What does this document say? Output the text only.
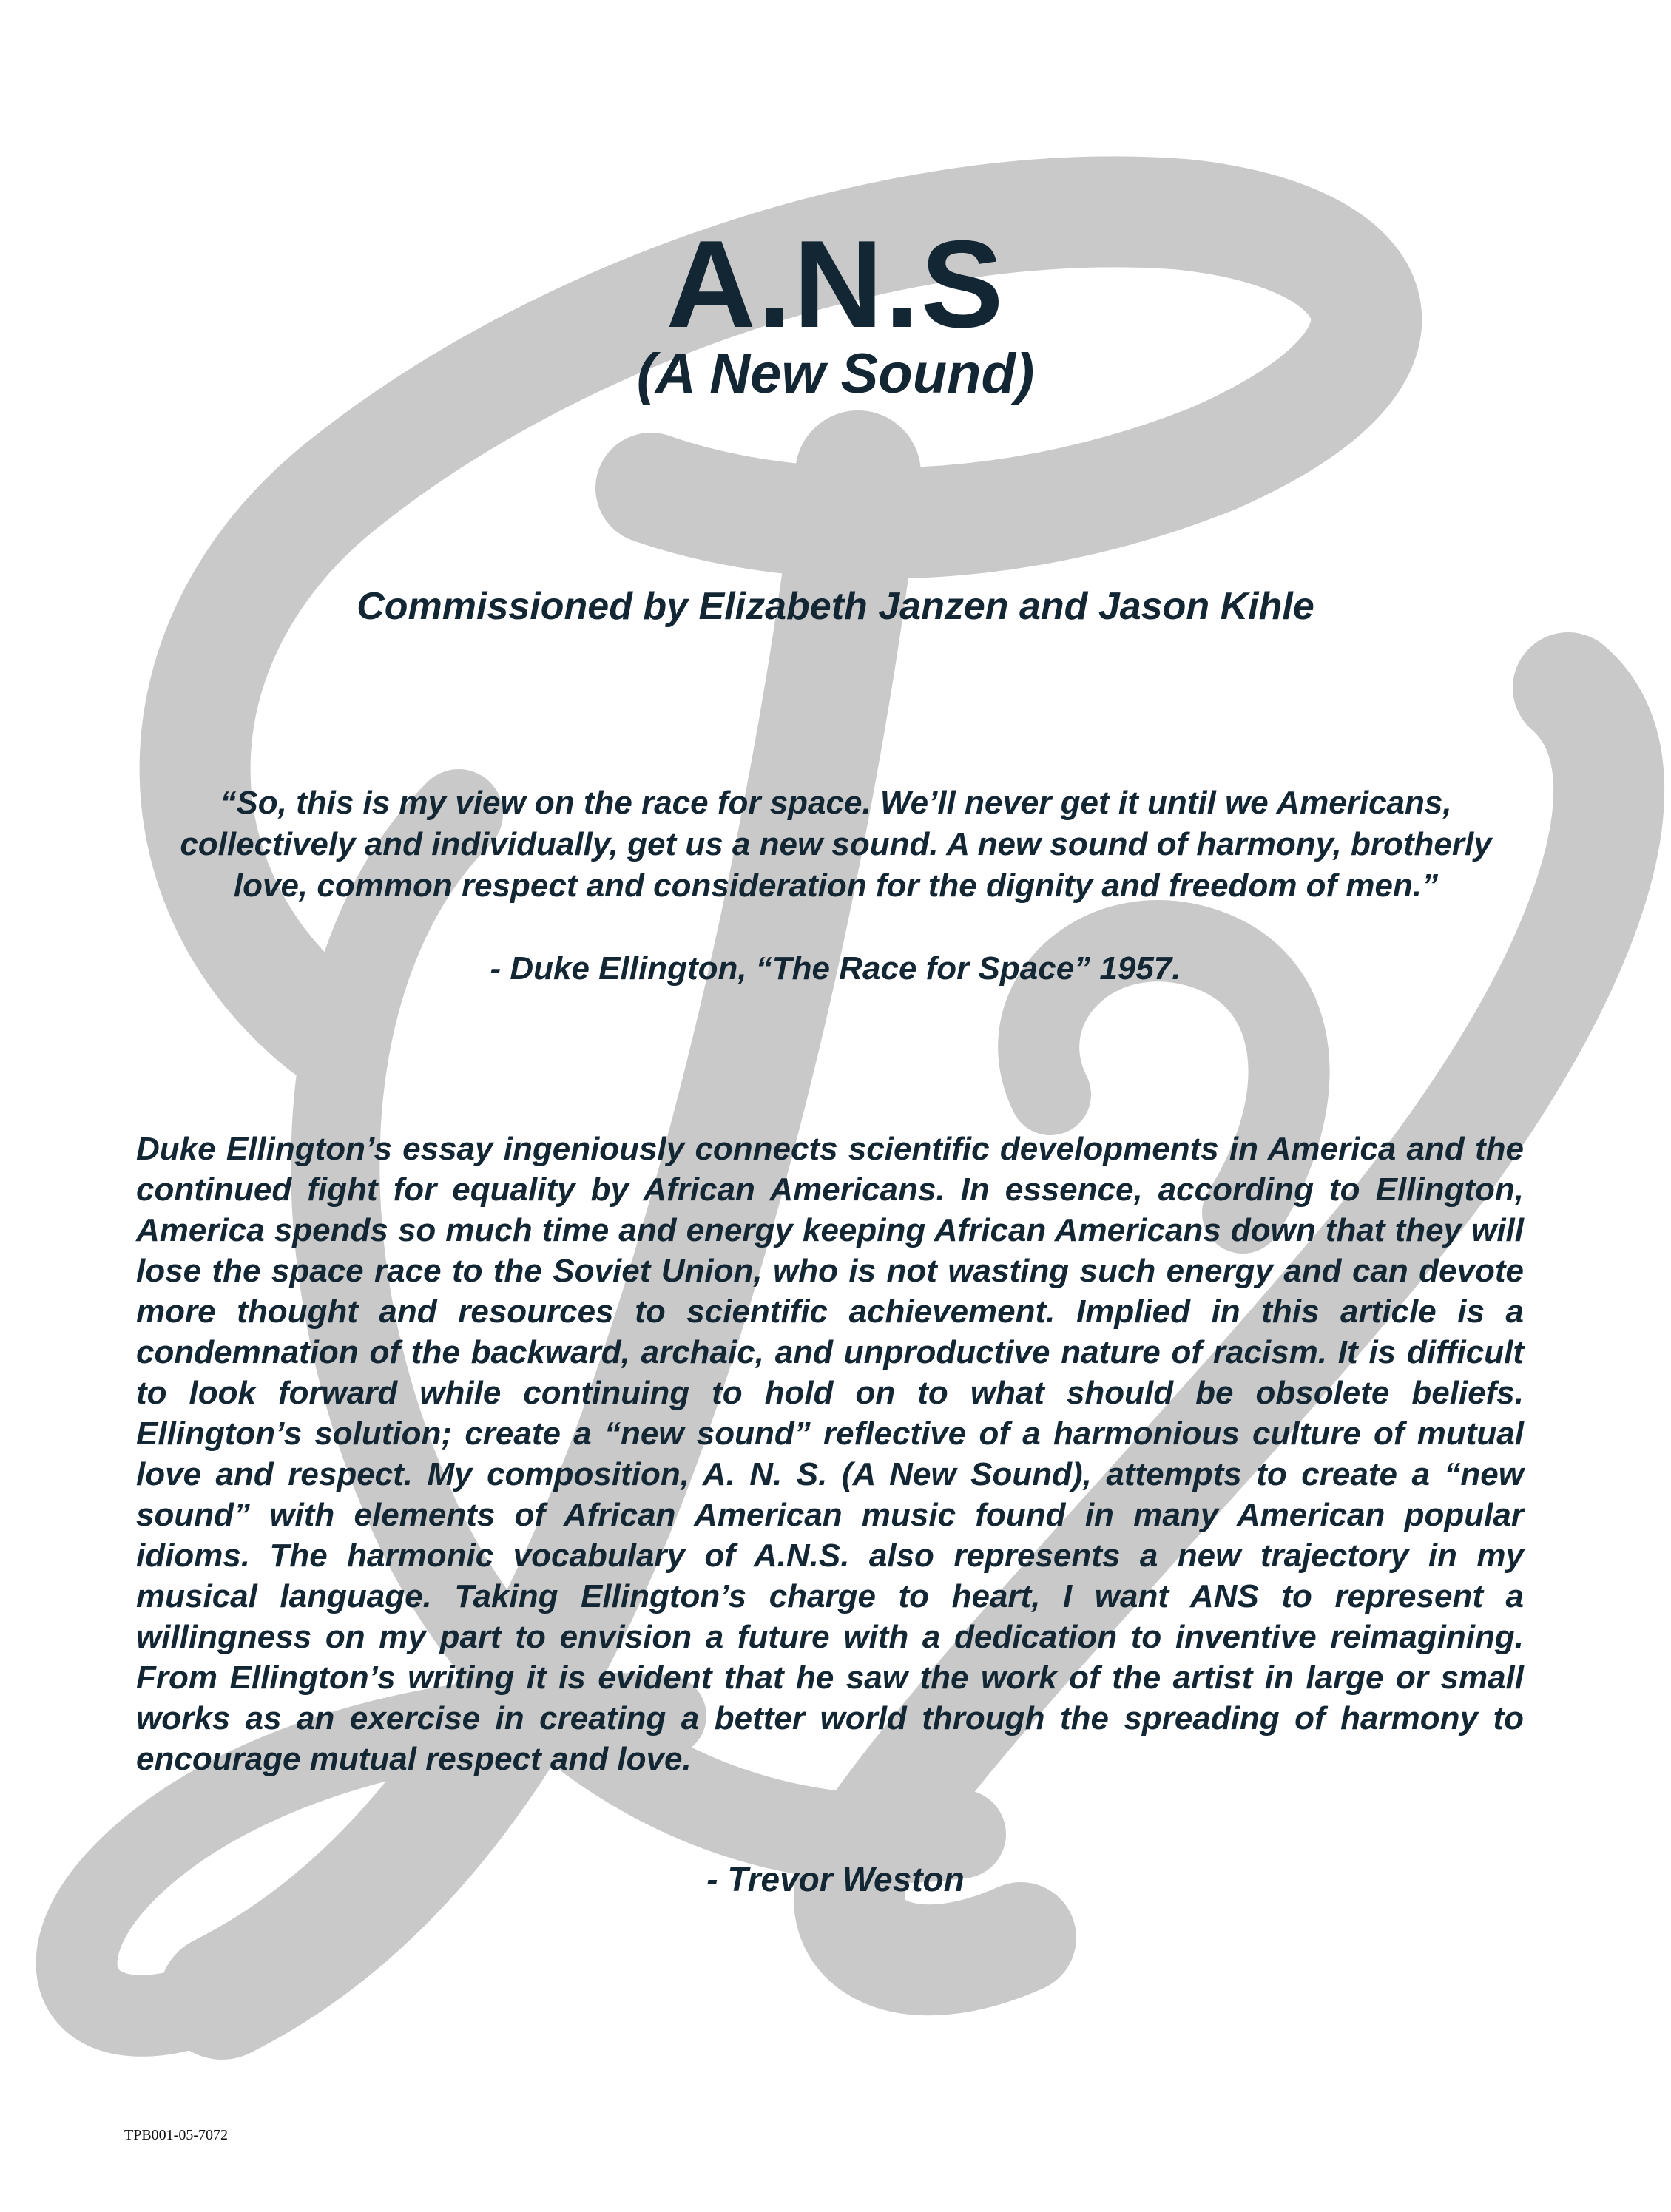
A.N.S
(A New Sound)
Commissioned by Elizabeth Janzen and Jason Kihle
“So, this is my view on the race for space. We’ll never get it until we Americans, collectively and individually, get us a new sound. A new sound of harmony, brotherly love, common respect and consideration for the dignity and freedom of men.”
- Duke Ellington, “The Race for Space” 1957.
Duke Ellington’s essay ingeniously connects scientific developments in America and the continued fight for equality by African Americans. In essence, according to Ellington, America spends so much time and energy keeping African Americans down that they will lose the space race to the Soviet Union, who is not wasting such energy and can devote more thought and resources to scientific achievement. Implied in this article is a condemnation of the backward, archaic, and unproductive nature of racism. It is difficult to look forward while continuing to hold on to what should be obsolete beliefs. Ellington’s solution; create a “new sound” reflective of a harmonious culture of mutual love and respect. My composition, A. N. S. (A New Sound), attempts to create a “new sound” with elements of African American music found in many American popular idioms. The harmonic vocabulary of A.N.S. also represents a new trajectory in my musical language. Taking Ellington’s charge to heart, I want ANS to represent a willingness on my part to envision a future with a dedication to inventive reimagining. From Ellington’s writing it is evident that he saw the work of the artist in large or small works as an exercise in creating a better world through the spreading of harmony to encourage mutual respect and love.
- Trevor Weston
TPB001-05-7072
